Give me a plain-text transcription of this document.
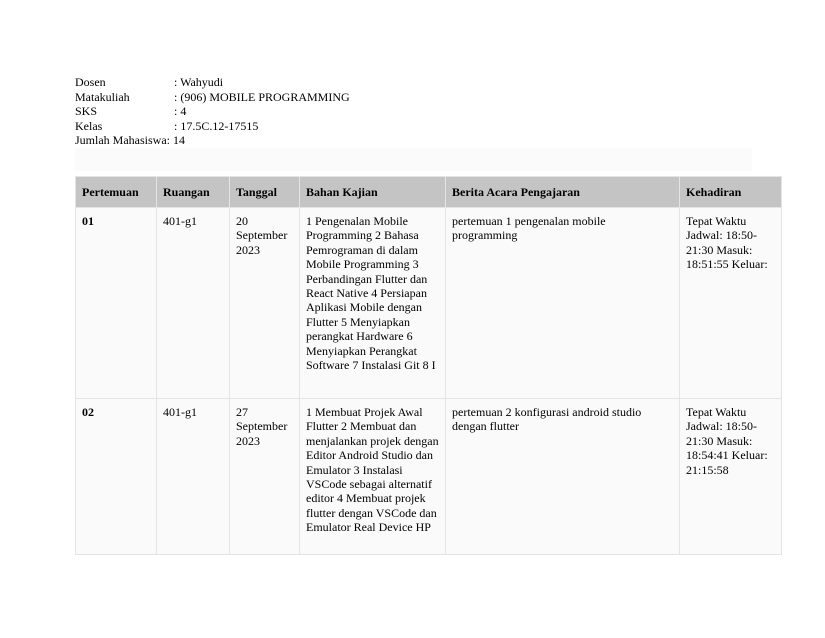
Dosen	: Wahyudi
Matakuliah	: (906) MOBILE PROGRAMMING
SKS	: 4
Kelas	: 17.5C.12-17515
Jumlah Mahasiswa : 14
Pertemuan	Ruangan	Tanggal	Bahan Kajian	Berita Acara Pengajaran	Kehadiran
01	401-g1	20 September 2023	1 Pengenalan Mobile Programming 2 Bahasa Pemrograman di dalam Mobile Programming 3 Perbandingan Flutter dan React Native 4 Persiapan Aplikasi Mobile dengan Flutter 5 Menyiapkan perangkat Hardware 6 Menyiapkan Perangkat Software 7 Instalasi Git 8 I	pertemuan 1 pengenalan mobile programming	Tepat Waktu Jadwal: 18:50-21:30 Masuk: 18:51:55 Keluar:
02	401-g1	27 September 2023	1 Membuat Projek Awal Flutter 2 Membuat dan menjalankan projek dengan Editor Android Studio dan Emulator 3 Instalasi VSCode sebagai alternatif editor 4 Membuat projek flutter dengan VSCode dan Emulator Real Device HP	pertemuan 2 konfigurasi android studio dengan flutter	Tepat Waktu Jadwal: 18:50-21:30 Masuk: 18:54:41 Keluar: 21:15:58
